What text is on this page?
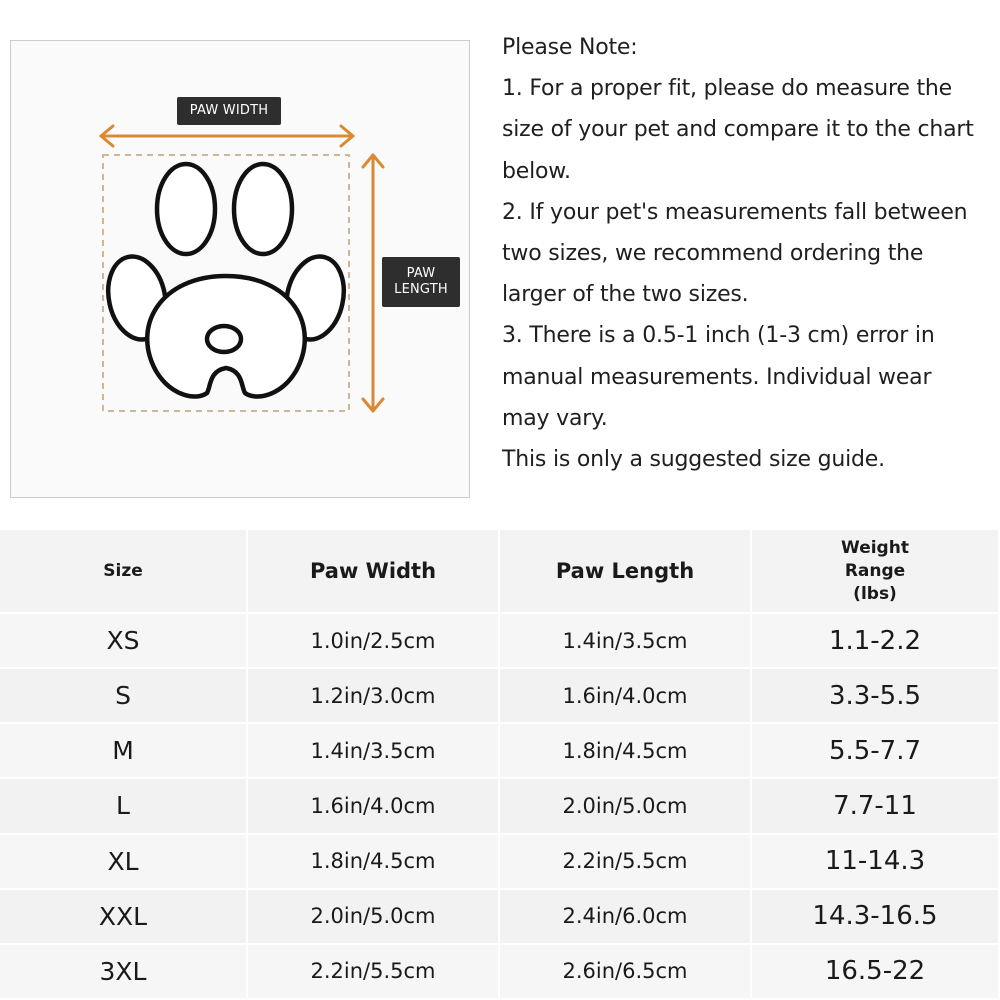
PAW WIDTH
PAW
LENGTH
Please Note:
1. For a proper fit, please do measure the
size of your pet and compare it to the chart
below.
2. If your pet's measurements fall between
two sizes, we recommend ordering the
larger of the two sizes.
3. There is a 0.5-1 inch (1-3 cm) error in
manual measurements. Individual wear
may vary.
This is only a suggested size guide.
Size	Paw Width	Paw Length	Weight
Range
(lbs)

XS	1.0in/2.5cm	1.4in/3.5cm	1.1-2.2
S	1.2in/3.0cm	1.6in/4.0cm	3.3-5.5
M	1.4in/3.5cm	1.8in/4.5cm	5.5-7.7
L	1.6in/4.0cm	2.0in/5.0cm	7.7-11
XL	1.8in/4.5cm	2.2in/5.5cm	11-14.3
XXL	2.0in/5.0cm	2.4in/6.0cm	14.3-16.5
3XL	2.2in/5.5cm	2.6in/6.5cm	16.5-22
